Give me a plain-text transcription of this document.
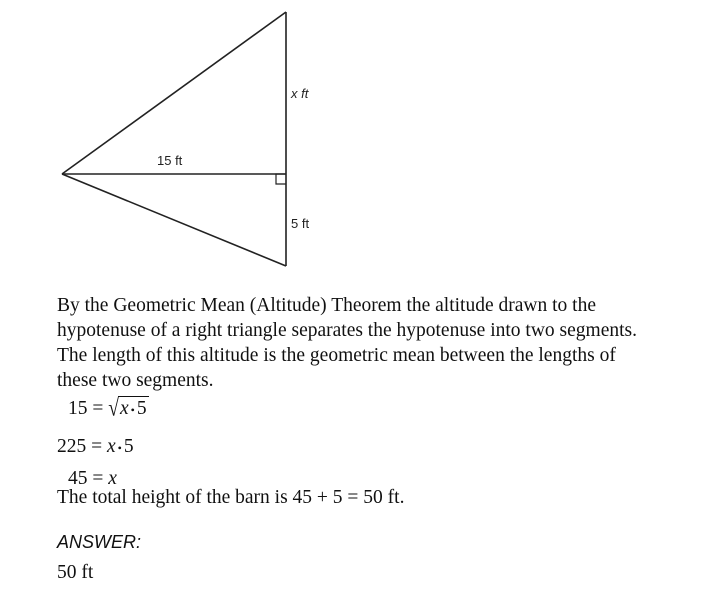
x ft
15 ft
5 ft

By the Geometric Mean (Altitude) Theorem the altitude drawn to the hypotenuse of a right triangle separates the hypotenuse into two segments. The length of this altitude is the geometric mean between the lengths of these two segments.

15 = √x • 5
225 = x • 5
45 = x

The total height of the barn is 45 + 5 = 50 ft.

ANSWER:
50 ft
